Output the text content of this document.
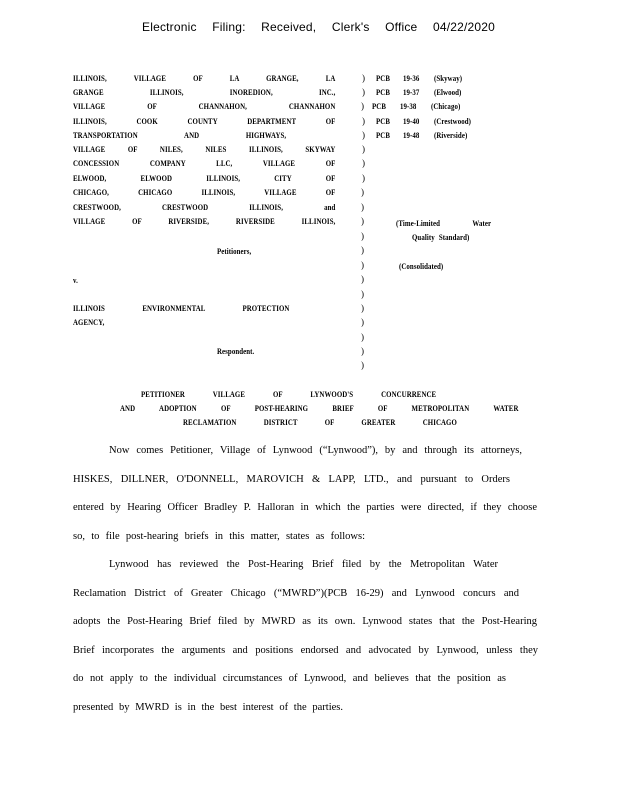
Electronic Filing: Received, Clerk's Office 04/22/2020
ILLINOIS, VILLAGE OF LA GRANGE, LA
GRANGE ILLINOIS, INOREDION, INC.,
VILLAGE OF CHANNAHON, CHANNAHON
ILLINOIS, COOK COUNTY DEPARTMENT OF
TRANSPORTATION AND HIGHWAYS,
VILLAGE OF NILES, NILES ILLINOIS, SKYWAY
CONCESSION COMPANY LLC, VILLAGE OF
ELWOOD, ELWOOD ILLINOIS, CITY OF
CHICAGO, CHICAGO ILLINOIS, VILLAGE OF
CRESTWOOD, CRESTWOOD ILLINOIS, and
VILLAGE OF RIVERSIDE, RIVERSIDE ILLINOIS,
Petitioners,
v.
ILLINOIS ENVIRONMENTAL PROTECTION
AGENCY,
Respondent.
)
)
)
)
)
)
)
)
)
)
)
)
)
)
)
)
)
)
)
)
)
PCB 19-36 (Skyway)
PCB 19-37 (Elwood)
PCB 19-38 (Chicago)
PCB 19-40 (Crestwood)
PCB 19-48 (Riverside)
(Time-Limited Water
Quality Standard)
(Consolidated)
PETITIONER VILLAGE OF LYNWOOD'S CONCURRENCE
AND ADOPTION OF POST-HEARING BRIEF OF METROPOLITAN WATER
RECLAMATION DISTRICT OF GREATER CHICAGO
Now comes Petitioner, Village of Lynwood (“Lynwood”), by and through its attorneys,
HISKES, DILLNER, O'DONNELL, MAROVICH & LAPP, LTD., and pursuant to Orders
entered by Hearing Officer Bradley P. Halloran in which the parties were directed, if they choose
so, to file post-hearing briefs in this matter, states as follows:
Lynwood has reviewed the Post-Hearing Brief filed by the Metropolitan Water
Reclamation District of Greater Chicago (“MWRD”)(PCB 16-29) and Lynwood concurs and
adopts the Post-Hearing Brief filed by MWRD as its own. Lynwood states that the Post-Hearing
Brief incorporates the arguments and positions endorsed and advocated by Lynwood, unless they
do not apply to the individual circumstances of Lynwood, and believes that the position as
presented by MWRD is in the best interest of the parties.
